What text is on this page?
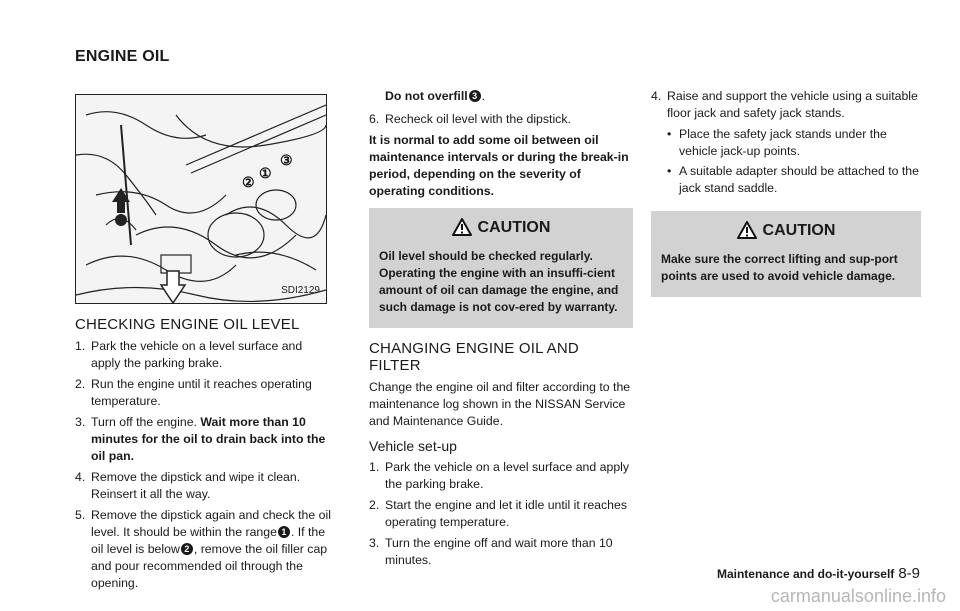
ENGINE OIL
②
①
③
SDI2129
CHECKING ENGINE OIL LEVEL
1. Park the vehicle on a level surface and apply the parking brake.
2. Run the engine until it reaches operating temperature.
3. Turn off the engine. Wait more than 10 minutes for the oil to drain back into the oil pan.
4. Remove the dipstick and wipe it clean. Reinsert it all the way.
5. Remove the dipstick again and check the oil level. It should be within the range 1 . If the oil level is below 2 , remove the oil filler cap and pour recommended oil through the opening.

Do not overfill 3 .

6. Recheck oil level with the dipstick.

It is normal to add some oil between oil maintenance intervals or during the break-in period, depending on the severity of operating conditions.

CAUTION
Oil level should be checked regularly. Operating the engine with an insuffi-cient amount of oil can damage the engine, and such damage is not cov-ered by warranty.
CHANGING ENGINE OIL AND FILTER

Change the engine oil and filter according to the maintenance log shown in the NISSAN Service and Maintenance Guide.

Vehicle set-up
1. Park the vehicle on a level surface and apply the parking brake.
2. Start the engine and let it idle until it reaches operating temperature.
3. Turn the engine off and wait more than 10 minutes.
4. Raise and support the vehicle using a suitable floor jack and safety jack stands.
• Place the safety jack stands under the vehicle jack-up points.
• A suitable adapter should be attached to the jack stand saddle.
CAUTION
Make sure the correct lifting and sup-port points are used to avoid vehicle damage.
Maintenance and do-it-yourself 8-9
carmanualsonline.info
